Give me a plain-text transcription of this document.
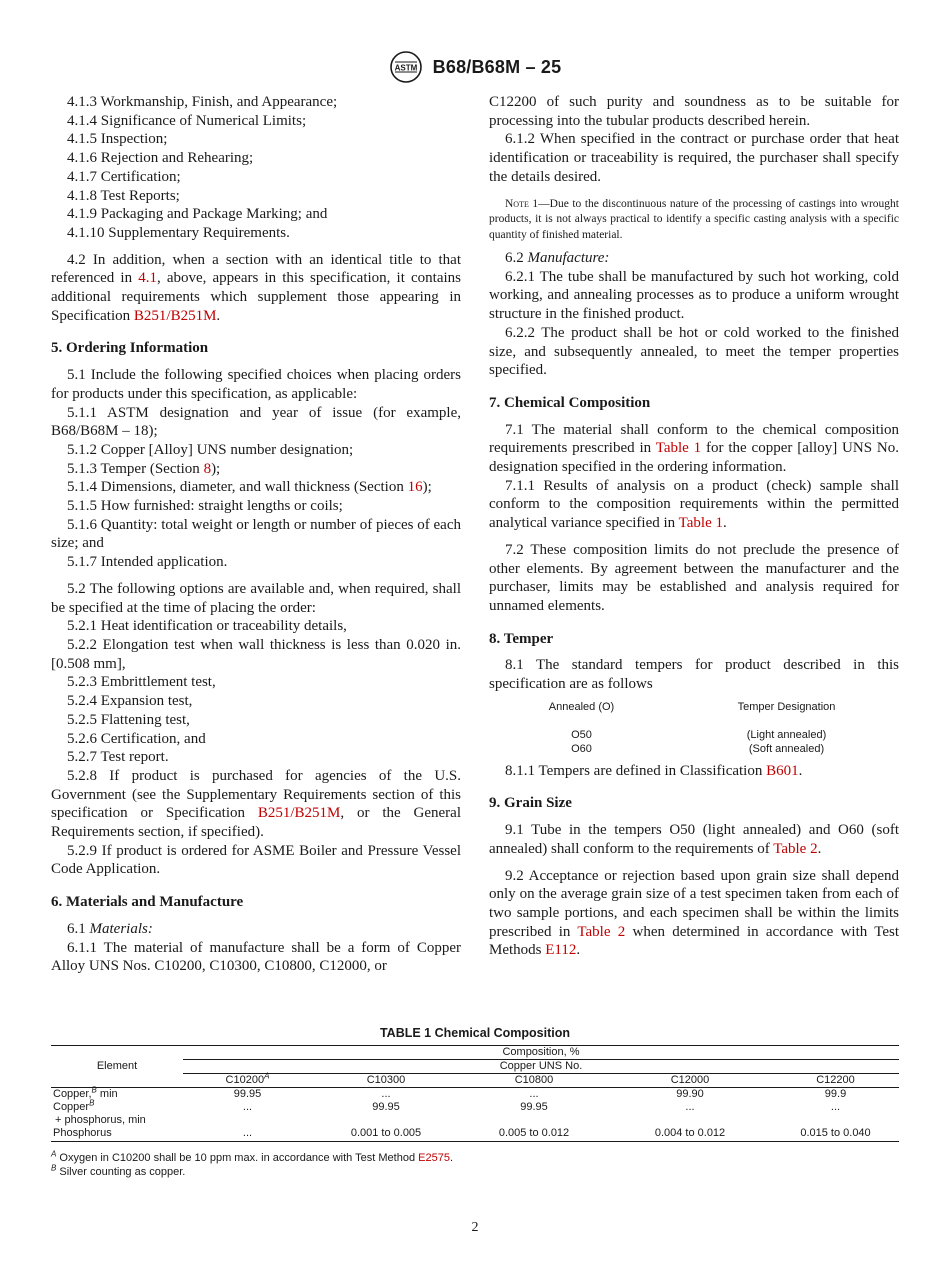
ASTM B68/B68M – 25

4.1.3 Workmanship, Finish, and Appearance;

4.1.4 Significance of Numerical Limits;

4.1.5 Inspection;

4.1.6 Rejection and Rehearing;

4.1.7 Certification;

4.1.8 Test Reports;

4.1.9 Packaging and Package Marking; and

4.1.10 Supplementary Requirements.

4.2 In addition, when a section with an identical title to that referenced in 4.1, above, appears in this specification, it contains additional requirements which supplement those appearing in Specification B251/B251M.

5. Ordering Information

5.1 Include the following specified choices when placing orders for products under this specification, as applicable:

5.1.1 ASTM designation and year of issue (for example, B68/B68M – 18);

5.1.2 Copper [Alloy] UNS number designation;

5.1.3 Temper (Section 8);

5.1.4 Dimensions, diameter, and wall thickness (Section 16);

5.1.5 How furnished: straight lengths or coils;

5.1.6 Quantity: total weight or length or number of pieces of each size; and

5.1.7 Intended application.

5.2 The following options are available and, when required, shall be specified at the time of placing the order:

5.2.1 Heat identification or traceability details,

5.2.2 Elongation test when wall thickness is less than 0.020 in. [0.508 mm],

5.2.3 Embrittlement test,

5.2.4 Expansion test,

5.2.5 Flattening test,

5.2.6 Certification, and

5.2.7 Test report.

5.2.8 If product is purchased for agencies of the U.S. Government (see the Supplementary Requirements section of this specification or Specification B251/B251M, or the General Requirements section, if specified).

5.2.9 If product is ordered for ASME Boiler and Pressure Vessel Code Application.

6. Materials and Manufacture

6.1 Materials:

6.1.1 The material of manufacture shall be a form of Copper Alloy UNS Nos. C10200, C10300, C10800, C12000, or

C12200 of such purity and soundness as to be suitable for processing into the tubular products described herein.

6.1.2 When specified in the contract or purchase order that heat identification or traceability is required, the purchaser shall specify the details desired.

Note 1—Due to the discontinuous nature of the processing of castings into wrought products, it is not always practical to identify a specific casting analysis with a specific quantity of finished material.

6.2 Manufacture:

6.2.1 The tube shall be manufactured by such hot working, cold working, and annealing processes as to produce a uniform wrought structure in the finished product.

6.2.2 The product shall be hot or cold worked to the finished size, and subsequently annealed, to meet the temper properties specified.

7. Chemical Composition

7.1 The material shall conform to the chemical composition requirements prescribed in Table 1 for the copper [alloy] UNS No. designation specified in the ordering information.

7.1.1 Results of analysis on a product (check) sample shall conform to the composition requirements within the permitted analytical variance specified in Table 1.

7.2 These composition limits do not preclude the presence of other elements. By agreement between the manufacturer and the purchaser, limits may be established and analysis required for unnamed elements.

8. Temper

8.1 The standard tempers for product described in this specification are as follows

Annealed (O)	Temper Designation
O50	(Light annealed)
O60	(Soft annealed)

8.1.1 Tempers are defined in Classification B601.

9. Grain Size

9.1 Tube in the tempers O50 (light annealed) and O60 (soft annealed) shall conform to the requirements of Table 2.

9.2 Acceptance or rejection based upon grain size shall depend only on the average grain size of a test specimen taken from each of two sample portions, and each specimen shall be within the limits prescribed in Table 2 when determined in accordance with Test Methods E112.

TABLE 1 Chemical Composition
Element	Composition, %				
	Copper UNS No.				
	$C10200^A$	C10300	C10800	C12000	C12200
Copper,$^B$ min	99.95	...	...	99.90	99.9
Copper$^B$
+ phosphorus, min	...	99.95	99.95	...	...
Phosphorus	...	0.001 to 0.005	0.005 to 0.012	0.004 to 0.012	0.015 to 0.040
$^A$ Oxygen in C10200 shall be 10 ppm max. in accordance with Test Method E2575.
$^B$ Silver counting as copper.
2
